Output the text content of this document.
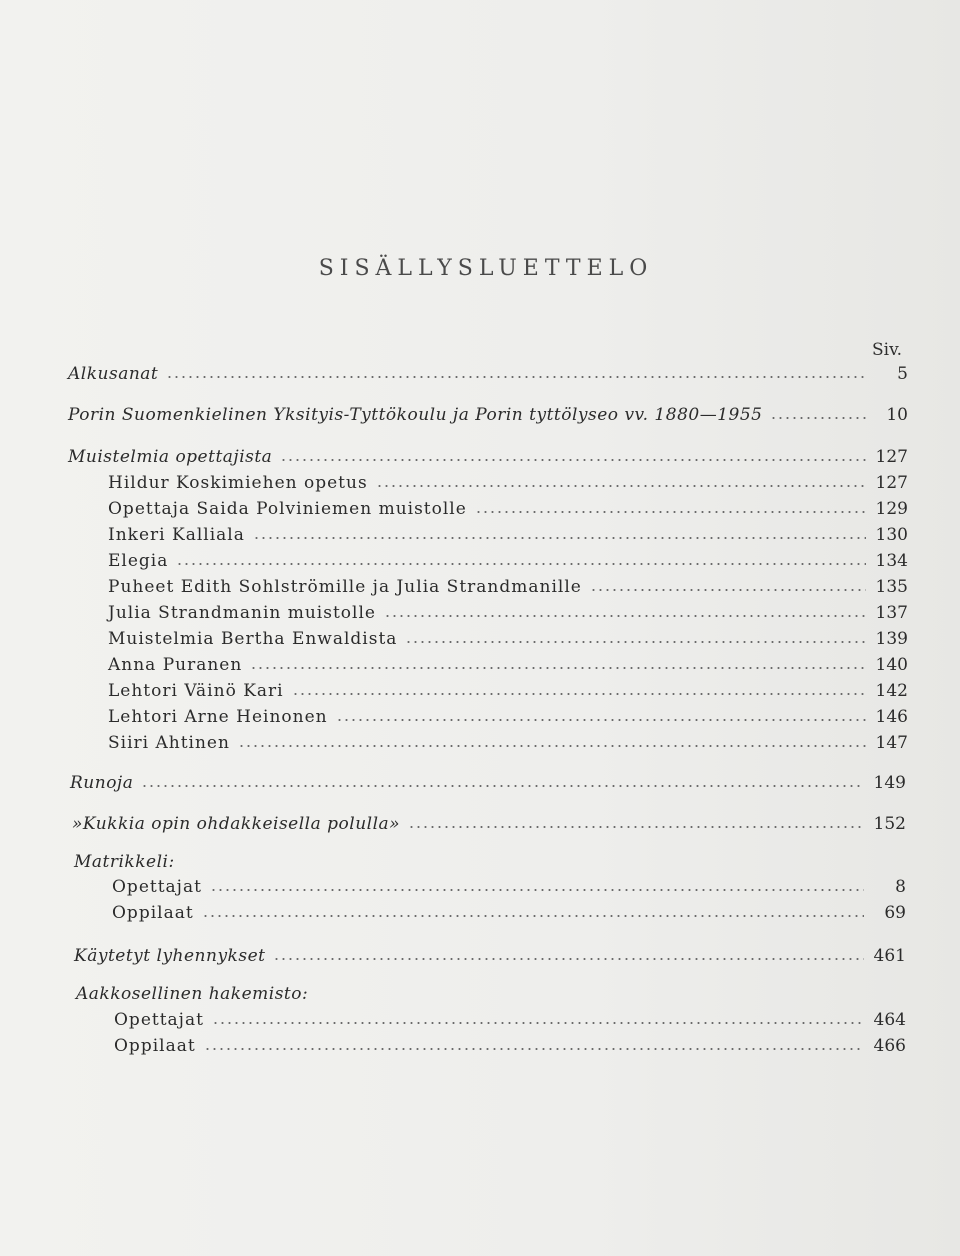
SISÄLLYSLUETTELO
Siv.
Alkusanat	5
Porin Suomenkielinen Yksityis-Tyttökoulu ja Porin tyttölyseo vv. 1880—1955	10
Muistelmia opettajista	127
Hildur Koskimiehen opetus	127
Opettaja Saida Polviniemen muistolle	129
Inkeri Kalliala	130
Elegia	134
Puheet Edith Sohlströmille ja Julia Strandmanille	135
Julia Strandmanin muistolle	137
Muistelmia Bertha Enwaldista	139
Anna Puranen	140
Lehtori Väinö Kari	142
Lehtori Arne Heinonen	146
Siiri Ahtinen	147
Runoja	149
»Kukkia opin ohdakkeisella polulla»	152
Matrikkeli:
Opettajat	8
Oppilaat	69
Käytetyt lyhennykset	461
Aakkosellinen hakemisto:
Opettajat	464
Oppilaat	466
